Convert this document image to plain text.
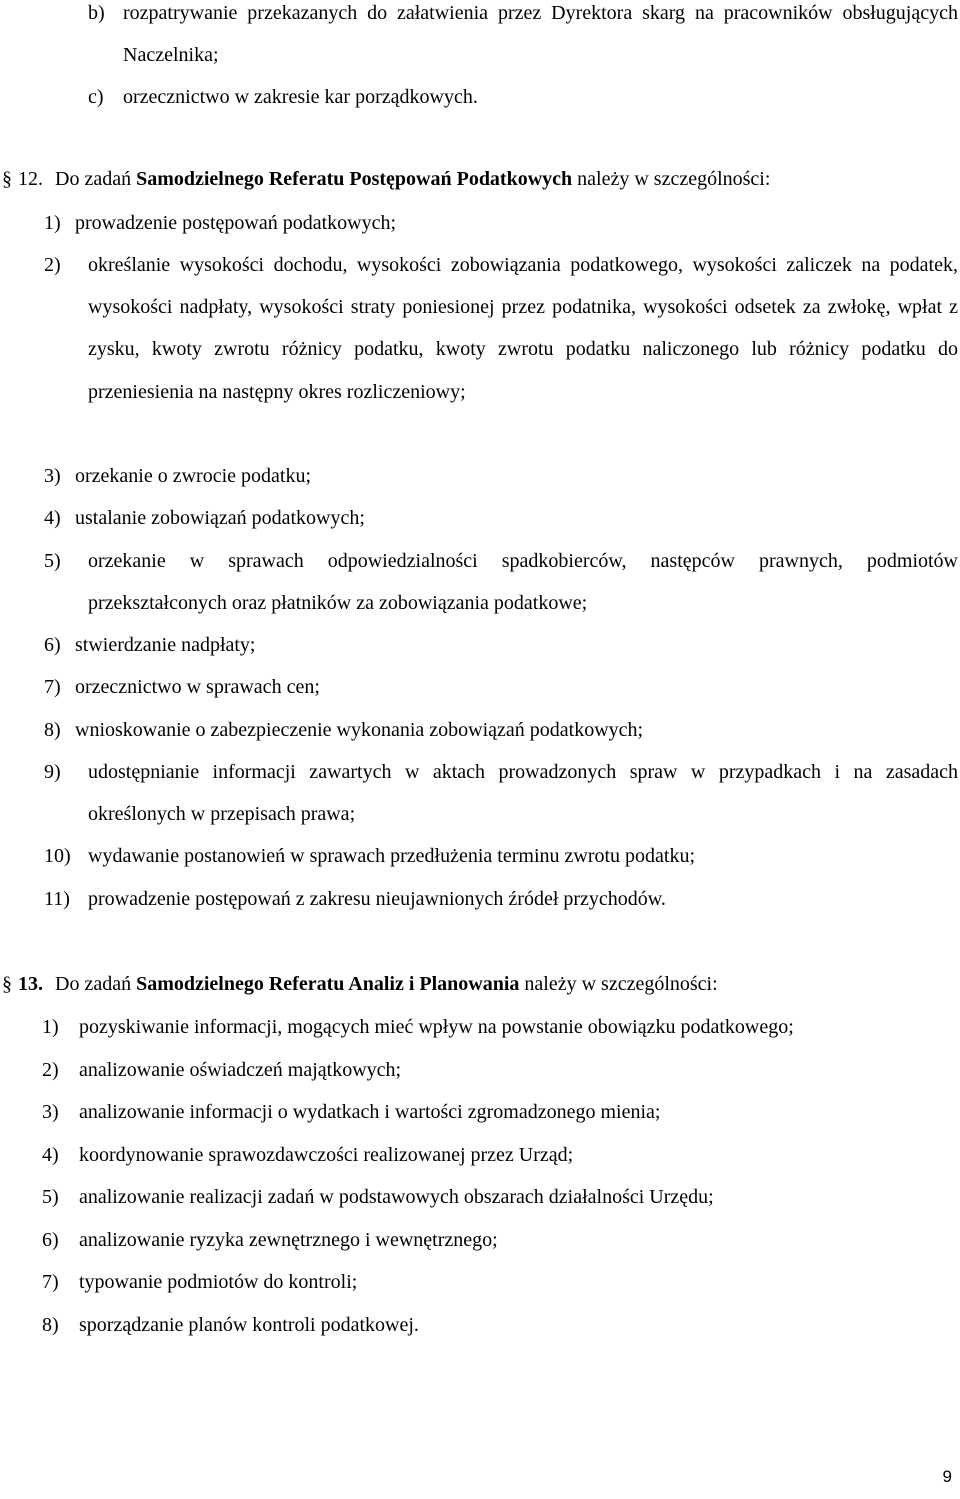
b) rozpatrywanie przekazanych do załatwienia przez Dyrektora skarg na pracowników obsługujących Naczelnika;
c) orzecznictwo w zakresie kar porządkowych.
§ 12. Do zadań Samodzielnego Referatu Postępowań Podatkowych należy w szczególności:
1) prowadzenie postępowań podatkowych;
2)	określanie wysokości dochodu, wysokości zobowiązania podatkowego, wysokości zaliczek na podatek, wysokości nadpłaty, wysokości straty poniesionej przez podatnika, wysokości odsetek za zwłokę, wpłat z zysku, kwoty zwrotu różnicy podatku, kwoty zwrotu podatku naliczonego lub różnicy podatku do przeniesienia na następny okres rozliczeniowy;
3) orzekanie o zwrocie podatku;
4) ustalanie zobowiązań podatkowych;
5)	orzekanie w sprawach odpowiedzialności spadkobierców, następców prawnych, podmiotów przekształconych oraz płatników za zobowiązania podatkowe;
6) stwierdzanie nadpłaty;
7) orzecznictwo w sprawach cen;
8) wnioskowanie o zabezpieczenie wykonania zobowiązań podatkowych;
9)	udostępnianie informacji zawartych w aktach prowadzonych spraw w przypadkach i na zasadach określonych w przepisach prawa;
10) wydawanie postanowień w sprawach przedłużenia terminu zwrotu podatku;
11) prowadzenie postępowań z zakresu nieujawnionych źródeł przychodów.
§ 13. Do zadań Samodzielnego Referatu Analiz i Planowania należy w szczególności:
1)	pozyskiwanie informacji, mogących mieć wpływ na powstanie obowiązku podatkowego;
2)	analizowanie oświadczeń majątkowych;
3)	analizowanie informacji o wydatkach i wartości zgromadzonego mienia;
4)	koordynowanie sprawozdawczości realizowanej przez Urząd;
5)	analizowanie realizacji zadań w podstawowych obszarach działalności Urzędu;
6)	analizowanie ryzyka zewnętrznego i wewnętrznego;
7)	typowanie podmiotów do kontroli;
8)	sporządzanie planów kontroli podatkowej.
9
